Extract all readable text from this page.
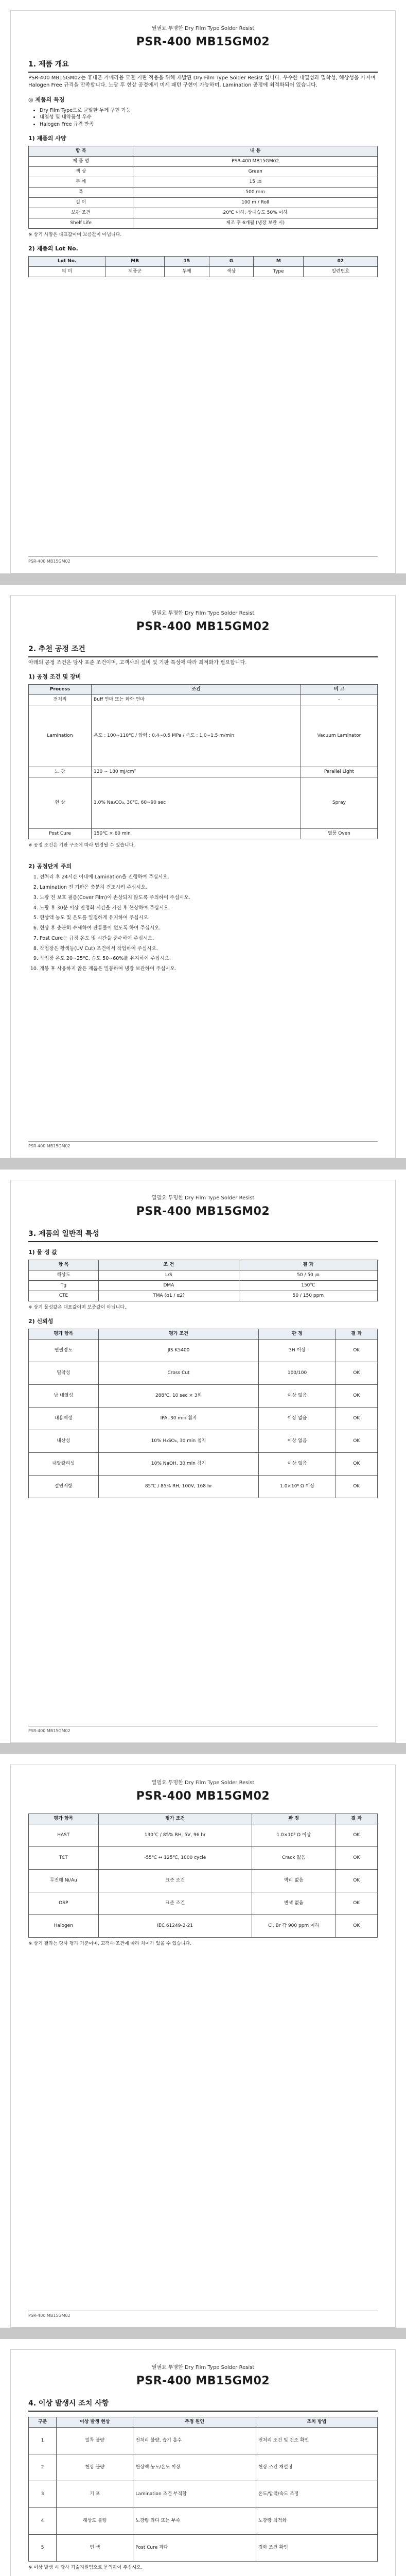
열필요 투명한 Dry Film Type Solder Resist
PSR-400 MB15GM02
1. 제품 개요

PSR-400 MB15GM02는 휴대폰 카메라용 모듈 기판 적용을 위해 개발된 Dry Film Type Solder Resist 입니다. 우수한 내열성과 밀착성, 해상성을 가지며 Halogen Free 규격을 만족합니다. 노광 후 현상 공정에서 미세 패턴 구현이 가능하며, Lamination 공정에 최적화되어 있습니다.

◎ 제품의 특징
• Dry Film Type으로 균일한 두께 구현 가능
• 내열성 및 내약품성 우수
• Halogen Free 규격 만족
1) 제품의 사양
항 목	내 용
제 품 명	PSR-400 MB15GM02
색 상	Green
두 께	15 ㎛
폭	500 mm
길 이	100 m / Roll
보관 조건	20℃ 이하, 상대습도 50% 이하
Shelf Life	제조 후 6개월 (냉장 보관 시)
※ 상기 사양은 대표값이며 보증값이 아닙니다.
2) 제품의 Lot No.
Lot No.	MB	15	G	M	02
의 미	제품군	두께	색상	Type	일련번호
PSR-400 MB15GM02
열필요 투명한 Dry Film Type Solder Resist
PSR-400 MB15GM02
2. 추천 공정 조건

아래의 공정 조건은 당사 표준 조건이며, 고객사의 설비 및 기판 특성에 따라 최적화가 필요합니다.

1) 공정 조건 및 장비
Process	조건	비 고
전처리	Buff 연마 또는 화학 연마	-
Lamination	온도 : 100~110℃ / 압력 : 0.4~0.5 MPa / 속도 : 1.0~1.5 m/min	Vacuum Laminator
노 광	120 ~ 180 mJ/cm²	Parallel Light
현 상	1.0% Na₂CO₃, 30℃, 60~90 sec	Spray
Post Cure	150℃ × 60 min	열풍 Oven
※ 공정 조건은 기판 구조에 따라 변경될 수 있습니다.
2) 공정단계 주의
1. 전처리 후 24시간 이내에 Lamination을 진행하여 주십시오.
2. Lamination 전 기판은 충분히 건조시켜 주십시오.
3. 노광 전 보호 필름(Cover Film)이 손상되지 않도록 주의하여 주십시오.
4. 노광 후 30분 이상 안정화 시간을 가진 후 현상하여 주십시오.
5. 현상액 농도 및 온도를 일정하게 유지하여 주십시오.
6. 현상 후 충분히 수세하여 잔류물이 없도록 하여 주십시오.
7. Post Cure는 규정 온도 및 시간을 준수하여 주십시오.
8. 작업장은 황색등(UV Cut) 조건에서 작업하여 주십시오.
9. 작업장 온도 20~25℃, 습도 50~60%를 유지하여 주십시오.
10. 개봉 후 사용하지 않은 제품은 밀봉하여 냉장 보관하여 주십시오.
PSR-400 MB15GM02
열필요 투명한 Dry Film Type Solder Resist
PSR-400 MB15GM02
3. 제품의 일반적 특성
1) 물 성 값
항 목	조 건	결 과
해상도	L/S	50 / 50 ㎛
Tg	DMA	150℃
CTE	TMA (α1 / α2)	50 / 150 ppm
※ 상기 물성값은 대표값이며 보증값이 아닙니다.
2) 신뢰성
평가 항목	평가 조건	판 정	결 과
연필경도	JIS K5400	3H 이상	OK
밀착성	Cross Cut	100/100	OK
납 내열성	288℃, 10 sec × 3회	이상 없음	OK
내용제성	IPA, 30 min 침지	이상 없음	OK
내산성	10% H₂SO₄, 30 min 침지	이상 없음	OK
내알칼리성	10% NaOH, 30 min 침지	이상 없음	OK
절연저항	85℃ / 85% RH, 100V, 168 hr	1.0×10⁸ Ω 이상	OK
PSR-400 MB15GM02
열필요 투명한 Dry Film Type Solder Resist
PSR-400 MB15GM02
평가 항목	평가 조건	판 정	결 과
HAST	130℃ / 85% RH, 5V, 96 hr	1.0×10⁸ Ω 이상	OK
TCT	-55℃ ↔ 125℃, 1000 cycle	Crack 없음	OK
무전해 Ni/Au	표준 조건	박리 없음	OK
OSP	표준 조건	변색 없음	OK
Halogen	IEC 61249-2-21	Cl, Br 각 900 ppm 이하	OK
※ 상기 결과는 당사 평가 기준이며, 고객사 조건에 따라 차이가 있을 수 있습니다.
PSR-400 MB15GM02
열필요 투명한 Dry Film Type Solder Resist
PSR-400 MB15GM02
4. 이상 발생시 조치 사항
구분	이상 발생 현상	추정 원인	조치 방법
1	밀착 불량	전처리 불량, 습기 흡수	전처리 조건 및 건조 확인
2	현상 불량	현상액 농도/온도 이상	현상 조건 재설정
3	기 포	Lamination 조건 부적합	온도/압력/속도 조정
4	해상도 불량	노광량 과다 또는 부족	노광량 최적화
5	변 색	Post Cure 과다	경화 조건 확인
※ 이상 발생 시 당사 기술지원팀으로 문의하여 주십시오.
